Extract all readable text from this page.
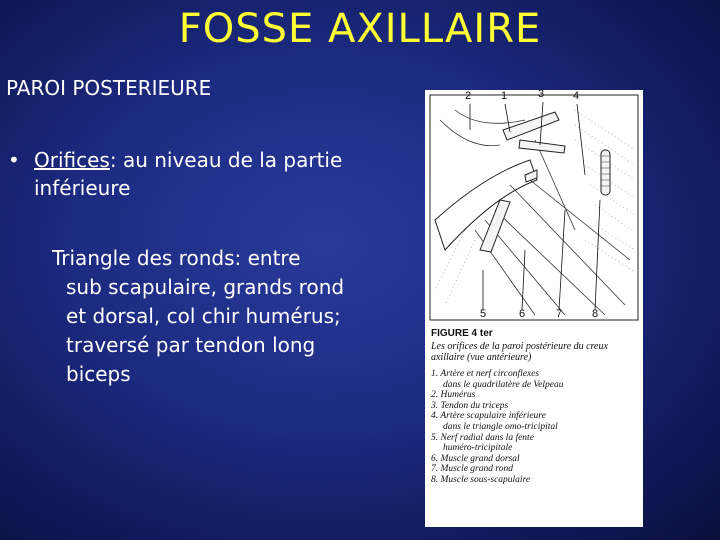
FOSSE AXILLAIRE
PAROI POSTERIEURE
• Orifices: au niveau de la partie inférieure
Triangle des ronds: entre
sub scapulaire, grands rond et dorsal, col chir humérus; traversé par tendon long biceps
2	1	3	4
5	6	7	8
FIGURE 4 ter
Les orifices de la paroi postérieure du creux axillaire (vue antérieure)
1. Artère et nerf circonflexes
dans le quadrilatère de Velpeau
2. Humérus
3. Tendon du triceps
4. Artère scapulaire inférieure
dans le triangle omo-tricipital
5. Nerf radial dans la fente
huméro-tricipitale
6. Muscle grand dorsal
7. Muscle grand rond
8. Muscle sous-scapulaire
